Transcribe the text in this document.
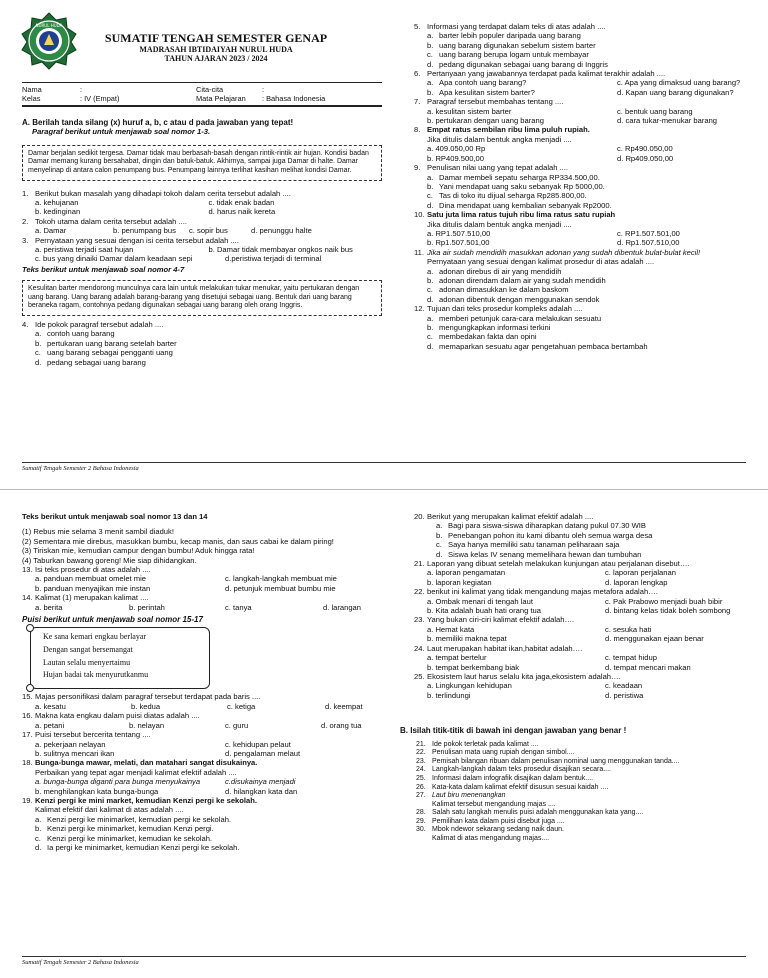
NURUL HUDA
SUMATIF TENGAH SEMESTER GENAP
MADRASAH IBTIDAIYAH NURUL HUDA
TAHUN AJARAN 2023 / 2024
Nama	:	Cita-cita	:
Kelas	: IV (Empat)	Mata Pelajaran	: Bahasa Indonesia
A. Berilah tanda silang (x) huruf a, b, c atau d pada jawaban yang tepat!
Paragraf berikut untuk menjawab soal nomor 1-3.
Damar berjalan sedikit tergesa. Damar tidak mau berbasah-basah dengan rintik-rintik air hujan. Kondisi badan Damar memang kurang bersahabat, dingin dan batuk-batuk. Akhirnya, sampai juga Damar di halte. Damar menyelinap di antara calon penumpang bus. Penumpang lainnya terlihat kasihan melihat kondisi Damar.
1. Berikut bukan masalah yang dihadapi tokoh dalam cerita tersebut adalah ....
a. kehujanan	c. tidak enak badan
b. kedinginan	d. harus naik kereta
2. Tokoh utama dalam cerita tersebut adalah ....
a. Damar	b. penumpang bus	c. sopir bus	d. penunggu halte
3. Pernyataan yang sesuai dengan isi cerita tersebut adalah ....
a. peristiwa terjadi saat hujan	b. Damar tidak membayar ongkos naik bus
c. bus yang dinaiki Damar dalam keadaan sepi	d.peristiwa terjadi di terminal
Teks berikut untuk menjawab soal nomor 4-7
Kesulitan barter mendorong munculnya cara lain untuk melakukan tukar menukar, yaitu pertukaran dengan uang barang. Uang barang adalah barang-barang yang disetujui sebagai uang. Bentuk dari uang barang beraneka ragam, contohnya pedang digunakan sebagai uang barang oleh orang Inggris.
4. Ide pokok paragraf tersebut adalah ....
a. contoh uang barang
b. pertukaran uang barang setelah barter
c. uang barang sebagai pengganti uang
d. pedang sebagai uang barang
5. Informasi yang terdapat dalam teks di atas adalah ....
a. barter lebih populer daripada uang barang
b. uang barang digunakan sebelum sistem barter
c. uang barang berupa logam untuk membayar
d. pedang digunakan sebagai uang barang di Inggris
6. Pertanyaan yang jawabannya terdapat pada kalimat terakhir adalah ....
a. Apa contoh uang barang?	c. Apa yang dimaksud uang barang?
b. Apa kesulitan sistem barter?	d. Kapan uang barang digunakan?
7. Paragraf tersebut membahas tentang ....
a. kesulitan sistem barter	c. bentuk uang barang
b. pertukaran dengan uang barang	d. cara tukar-menukar barang
8. Empat ratus sembilan ribu lima puluh rupiah.
Jika ditulis dalam bentuk angka menjadi ....
a. 409.050,00 Rp	c. Rp490.050,00
b. RP409.500,00	d. Rp409.050,00
9. Penulisan nilai uang yang tepat adalah ....
a. Damar membeli sepatu seharga RP334.500,00.
b. Yani mendapat uang saku sebanyak Rp 5000,00.
c. Tas di toko itu dijual seharga Rp285.800,00.
d. Dina mendapat uang kembalian sebanyak Rp2000.
10. Satu juta lima ratus tujuh ribu lima ratus satu rupiah
Jika ditulis dalam bentuk angka menjadi ....
a. RP1.507.510,00	c. RP1.507.501,00
b. Rp1.507.501,00	d. Rp1.507.510,00
11. Jika air sudah mendidih masukkan adonan yang sudah dibentuk bulat-bulat kecil!
Pernyataan yang sesuai dengan kalimat prosedur di atas adalah ....
a. adonan direbus di air yang mendidih
b. adonan direndam dalam air yang sudah mendidih
c. adonan dimasukkan ke dalam baskom
d. adonan dibentuk dengan menggunakan sendok
12. Tujuan dari teks prosedur kompleks adalah ....
a. memberi petunjuk cara-cara melakukan sesuatu
b. mengungkapkan informasi terkini
c. membedakan fakta dan opini
d. memaparkan sesuatu agar pengetahuan pembaca bertambah
Sumatif Tengah Semester 2 Bahasa Indonesia
Teks berikut untuk menjawab soal nomor 13 dan 14
(1) Rebus mie selama 3 menit sambil diaduk!
(2) Sementara mie direbus, masukkan bumbu, kecap manis, dan saus cabai ke dalam piring!
(3) Tiriskan mie, kemudian campur dengan bumbu! Aduk hingga rata!
(4) Taburkan bawang goreng! Mie siap dihidangkan.
13. Isi teks prosedur di atas adalah ....
a. panduan membuat omelet mie	c. langkah-langkah membuat mie
b. panduan menyajikan mie instan	d. petunjuk membuat bumbu mie
14. Kalimat (1) merupakan kalimat ....
a. berita	b. perintah	c. tanya	d. larangan
Puisi berikut untuk menjawab soal nomor 15-17
Ke sana kemari engkau berlayar
Dengan sangat bersemangat
Lautan selalu menyertaimu
Hujan badai tak menyurutkanmu
15. Majas personifikasi dalam paragraf tersebut terdapat pada baris ....
a. kesatu	b. kedua	c. ketiga	d. keempat
16. Makna kata engkau dalam puisi diatas adalah ....
a. petani	b. nelayan	c. guru	d. orang tua
17. Puisi tersebut bercerita tentang ....
a. pekerjaan nelayan	c. kehidupan pelaut
b. sulitnya mencari ikan	d. pengalaman melaut
18. Bunga-bunga mawar, melati, dan matahari sangat disukainya.
Perbaikan yang tepat agar menjadi kalimat efektif adalah ....
a. bunga-bunga diganti para bunga menyukainya	c.disukainya menjadi
b. menghilangkan kata bunga-bunga	d. hilangkan kata dan
19. Kenzi pergi ke mini market, kemudian Kenzi pergi ke sekolah.
Kalimat efektif dari kalimat di atas adalah ....
a. Kenzi pergi ke minimarket, kemudian pergi ke sekolah.
b. Kenzi pergi ke minimarket, kemudian Kenzi pergi.
c. Kenzi pergi ke minimarket, kemudian ke sekolah.
d. Ia pergi ke minimarket, kemudian Kenzi pergi ke sekolah.
20. Berikut yang merupakan kalimat efektif adalah ....
a. Bagi para siswa-siswa diharapkan datang pukul 07.30 WIB
b. Penebangan pohon itu kami dibantu oleh semua warga desa
c. Saya hanya memiliki satu tanaman peliharaan saja
d. Siswa kelas IV senang memelihara hewan dan tumbuhan
21. Laporan yang dibuat setelah melakukan kunjungan atau perjalanan disebut….
a. laporan pengamatan	c. laporan perjalanan
b. laporan kegiatan	d. laporan lengkap
22. berikut ini kalimat yang tidak mengandung majas metafora adalah….
a. Ombak menari di tengah laut	c. Pak Prabowo menjadi buah bibir
b. Kita adalah buah hati orang tua	d. bintang kelas tidak boleh sombong
23. Yang bukan ciri-ciri kalimat efektif adalah….
a. Hemat kata	c. sesuka hati
b. memiliki makna tepat	d. menggunakan ejaan benar
24. Laut merupakan habitat ikan,habitat adalah….
a. tempat bertelur	c. tempat hidup
b. tempat berkembang biak	d. tempat mencari makan
25. Ekosistem laut harus selalu kita jaga,ekosistem adalah….
a. Lingkungan kehidupan	c. keadaan
b. terlindungi	d. peristiwa
B. Isilah titik-titik di bawah ini dengan jawaban yang benar !
21. Ide pokok terletak pada kalimat ....
22. Penulisan mata uang rupiah dengan simbol....
23. Pemisah bilangan ribuan dalam penulisan nominal uang menggunakan tanda....
24. Langkah-langkah dalam teks prosedur disajikan secara....
25. Informasi dalam infografik disajikan dalam bentuk....
26. Kata-kata dalam kalimat efektif disusun sesuai kaidah ....
27. Laut biru menenangkan
Kalimat tersebut mengandung majas ....
28. Salah satu langkah menulis puisi adalah menggunakan kata yang....
29. Pemilihan kata dalam puisi disebut juga ....
30. Mbok ndewor sekarang sedang naik daun.
Kalimat di atas mengandung majas....
Sumatif Tengah Semester 2 Bahasa Indonesia
